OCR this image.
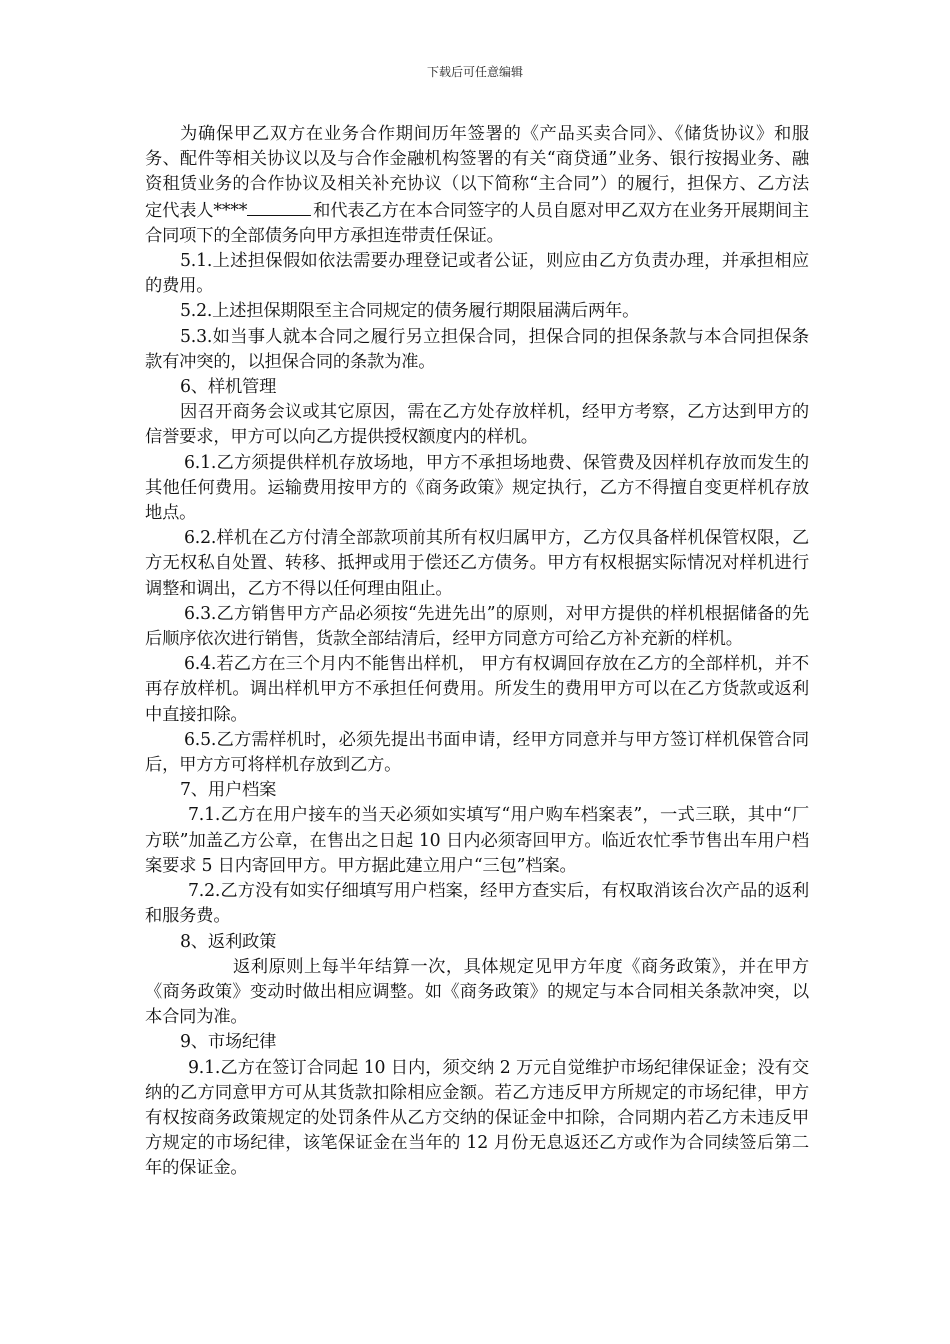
下载后可任意编辑

为确保甲乙双方在业务合作期间历年签署的《产品买卖合同》、《储货协议》和服务、配件等相关协议以及与合作金融机构签署的有关“商贷通”业务、银行按揭业务、融资租赁业务的合作协议及相关补充协议（以下简称“主合同”）的履行，担保方、乙方法定代表人****	和代表乙方在本合同签字的人员自愿对甲乙双方在业务开展期间主合同项下的全部债务向甲方承担连带责任保证。

5.1.上述担保假如依法需要办理登记或者公证，则应由乙方负责办理，并承担相应的费用。

5.2.上述担保期限至主合同规定的债务履行期限届满后两年。

5.3.如当事人就本合同之履行另立担保合同，担保合同的担保条款与本合同担保条款有冲突的，以担保合同的条款为准。

6、样机管理

因召开商务会议或其它原因，需在乙方处存放样机，经甲方考察，乙方达到甲方的信誉要求，甲方可以向乙方提供授权额度内的样机。

6.1.乙方须提供样机存放场地，甲方不承担场地费、保管费及因样机存放而发生的其他任何费用。运输费用按甲方的《商务政策》规定执行，乙方不得擅自变更样机存放地点。

6.2.样机在乙方付清全部款项前其所有权归属甲方，乙方仅具备样机保管权限，乙方无权私自处置、转移、抵押或用于偿还乙方债务。甲方有权根据实际情况对样机进行调整和调出，乙方不得以任何理由阻止。

6.3.乙方销售甲方产品必须按“先进先出”的原则，对甲方提供的样机根据储备的先后顺序依次进行销售，货款全部结清后，经甲方同意方可给乙方补充新的样机。

6.4.若乙方在三个月内不能售出样机， 甲方有权调回存放在乙方的全部样机，并不再存放样机。调出样机甲方不承担任何费用。所发生的费用甲方可以在乙方货款或返利中直接扣除。

6.5.乙方需样机时，必须先提出书面申请，经甲方同意并与甲方签订样机保管合同后，甲方方可将样机存放到乙方。

7、用户档案

7.1.乙方在用户接车的当天必须如实填写“用户购车档案表”，一式三联，其中“厂方联”加盖乙方公章，在售出之日起 10 日内必须寄回甲方。临近农忙季节售出车用户档案要求 5 日内寄回甲方。甲方据此建立用户“三包”档案。

7.2.乙方没有如实仔细填写用户档案，经甲方查实后，有权取消该台次产品的返利和服务费。

8、返利政策

返利原则上每半年结算一次，具体规定见甲方年度《商务政策》，并在甲方《商务政策》变动时做出相应调整。如《商务政策》的规定与本合同相关条款冲突，以本合同为准。

9、市场纪律

9.1.乙方在签订合同起 10 日内，须交纳 2 万元自觉维护市场纪律保证金；没有交纳的乙方同意甲方可从其货款扣除相应金额。若乙方违反甲方所规定的市场纪律，甲方有权按商务政策规定的处罚条件从乙方交纳的保证金中扣除，合同期内若乙方未违反甲方规定的市场纪律，该笔保证金在当年的 12 月份无息返还乙方或作为合同续签后第二年的保证金。
